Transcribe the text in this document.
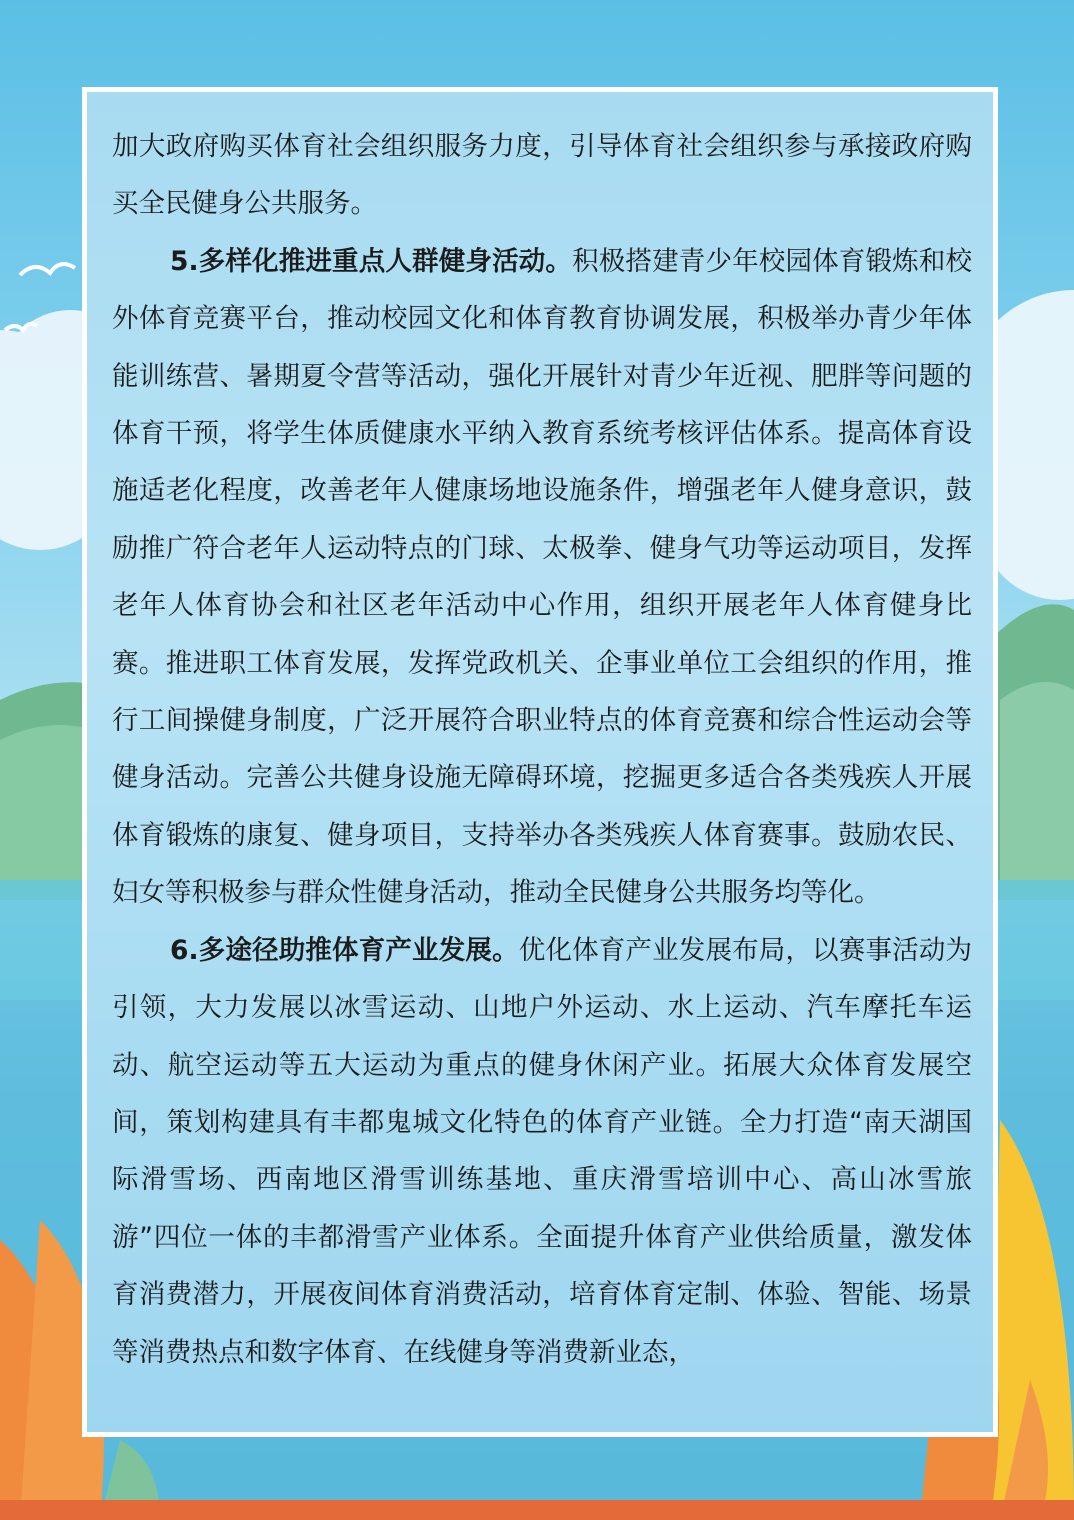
加大政府购买体育社会组织服务力度，引导体育社会组织参与承接政府购买全民健身公共服务。

5.多样化推进重点人群健身活动。积极搭建青少年校园体育锻炼和校外体育竞赛平台，推动校园文化和体育教育协调发展，积极举办青少年体能训练营、暑期夏令营等活动，强化开展针对青少年近视、肥胖等问题的体育干预，将学生体质健康水平纳入教育系统考核评估体系。提高体育设施适老化程度，改善老年人健康场地设施条件，增强老年人健身意识，鼓励推广符合老年人运动特点的门球、太极拳、健身气功等运动项目，发挥老年人体育协会和社区老年活动中心作用，组织开展老年人体育健身比赛。推进职工体育发展，发挥党政机关、企事业单位工会组织的作用，推行工间操健身制度，广泛开展符合职业特点的体育竞赛和综合性运动会等健身活动。完善公共健身设施无障碍环境，挖掘更多适合各类残疾人开展体育锻炼的康复、健身项目，支持举办各类残疾人体育赛事。鼓励农民、妇女等积极参与群众性健身活动，推动全民健身公共服务均等化。

6.多途径助推体育产业发展。优化体育产业发展布局，以赛事活动为引领，大力发展以冰雪运动、山地户外运动、水上运动、汽车摩托车运动、航空运动等五大运动为重点的健身休闲产业。拓展大众体育发展空间，策划构建具有丰都鬼城文化特色的体育产业链。全力打造“南天湖国际滑雪场、西南地区滑雪训练基地、重庆滑雪培训中心、高山冰雪旅游”四位一体的丰都滑雪产业体系。全面提升体育产业供给质量，激发体育消费潜力，开展夜间体育消费活动，培育体育定制、体验、智能、场景等消费热点和数字体育、在线健身等消费新业态，
